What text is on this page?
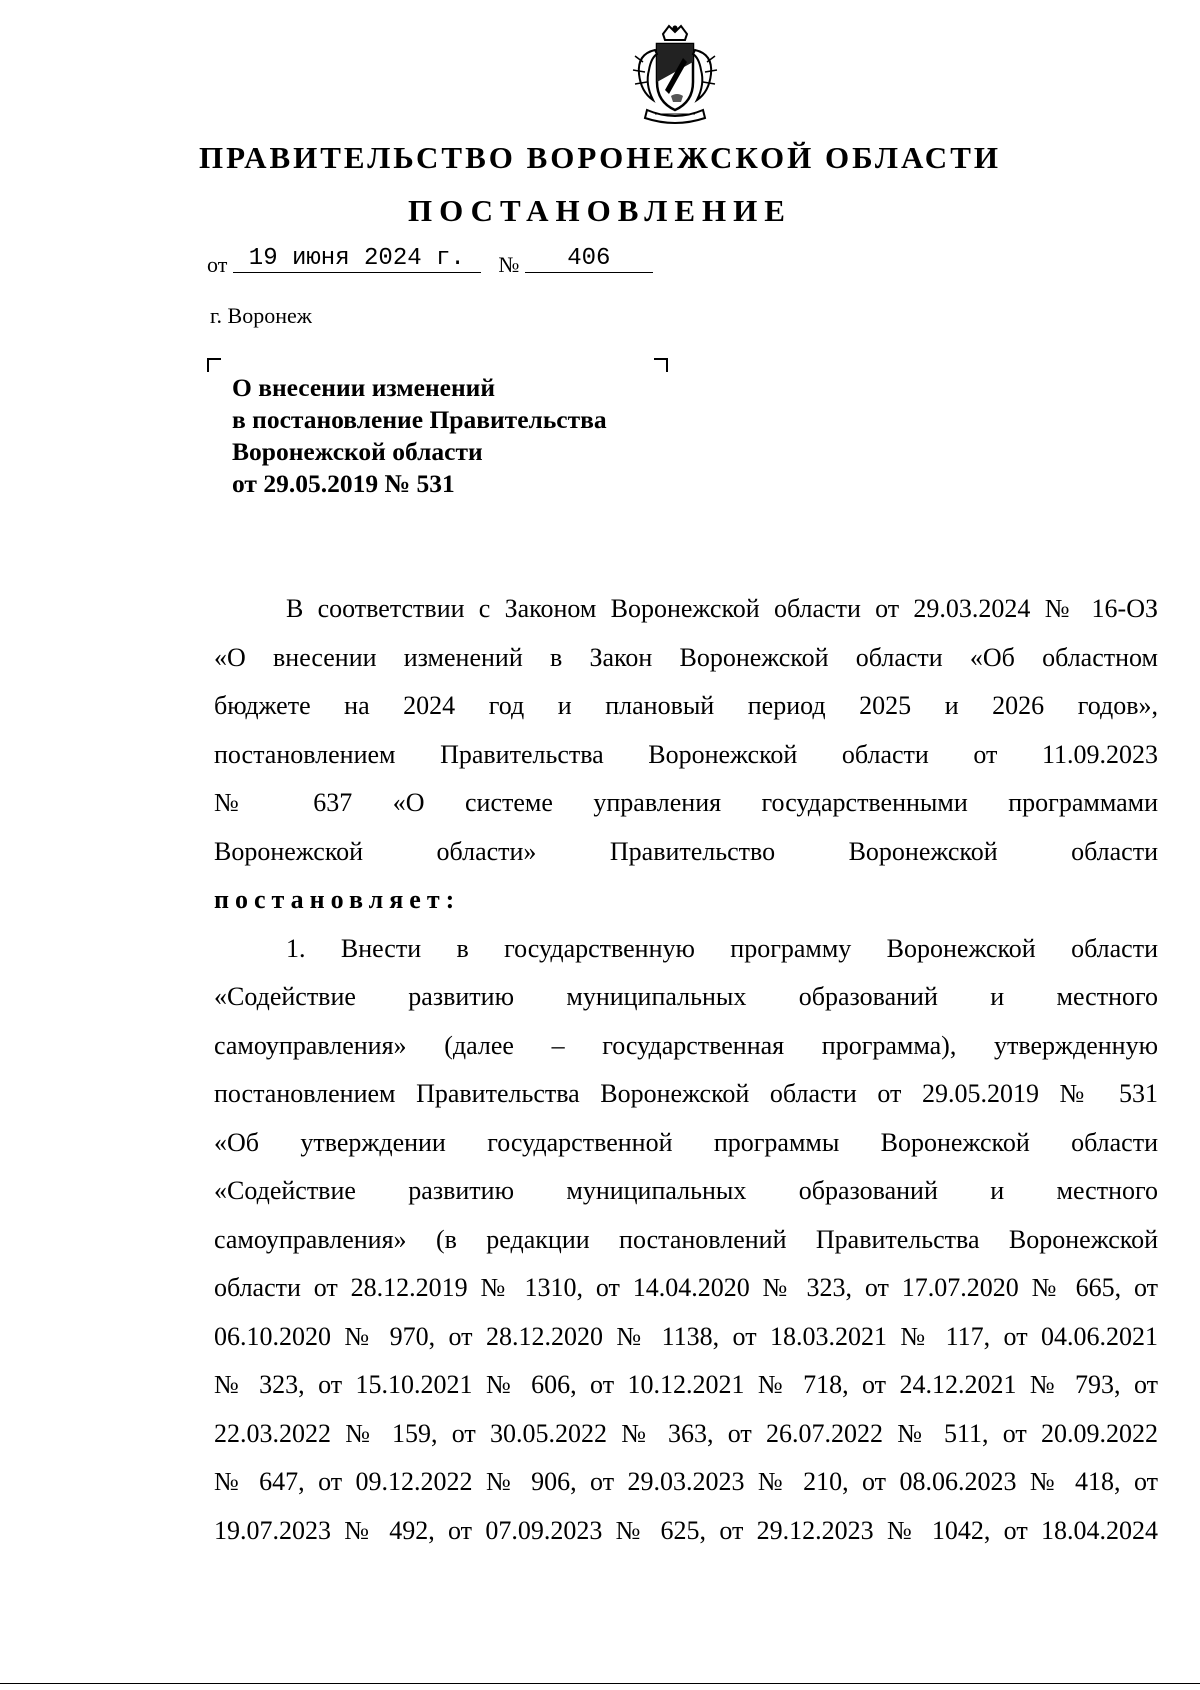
ПРАВИТЕЛЬСТВО ВОРОНЕЖСКОЙ ОБЛАСТИ
ПОСТАНОВЛЕНИЕ
от 19 июня 2024 г. № 406
г. Воронеж
О внесении изменений
в постановление Правительства
Воронежской области
от 29.05.2019 № 531

В соответствии с Законом Воронежской области от 29.03.2024 № 16-ОЗ

«О внесении изменений в Закон Воронежской области «Об областном

бюджете на 2024 год и плановый период 2025 и 2026 годов»,

постановлением Правительства Воронежской области от 11.09.2023

№ 637 «О системе управления государственными программами

Воронежской области» Правительство Воронежской области

постановляет:

1. Внести в государственную программу Воронежской области

«Содействие развитию муниципальных образований и местного

самоуправления» (далее – государственная программа), утвержденную

постановлением Правительства Воронежской области от 29.05.2019 № 531

«Об утверждении государственной программы Воронежской области

«Содействие развитию муниципальных образований и местного

самоуправления» (в редакции постановлений Правительства Воронежской

области от 28.12.2019 № 1310, от 14.04.2020 № 323, от 17.07.2020 № 665, от

06.10.2020 № 970, от 28.12.2020 № 1138, от 18.03.2021 № 117, от 04.06.2021

№ 323, от 15.10.2021 № 606, от 10.12.2021 № 718, от 24.12.2021 № 793, от

22.03.2022 № 159, от 30.05.2022 № 363, от 26.07.2022 № 511, от 20.09.2022

№ 647, от 09.12.2022 № 906, от 29.03.2023 № 210, от 08.06.2023 № 418, от

19.07.2023 № 492, от 07.09.2023 № 625, от 29.12.2023 № 1042, от 18.04.2024
